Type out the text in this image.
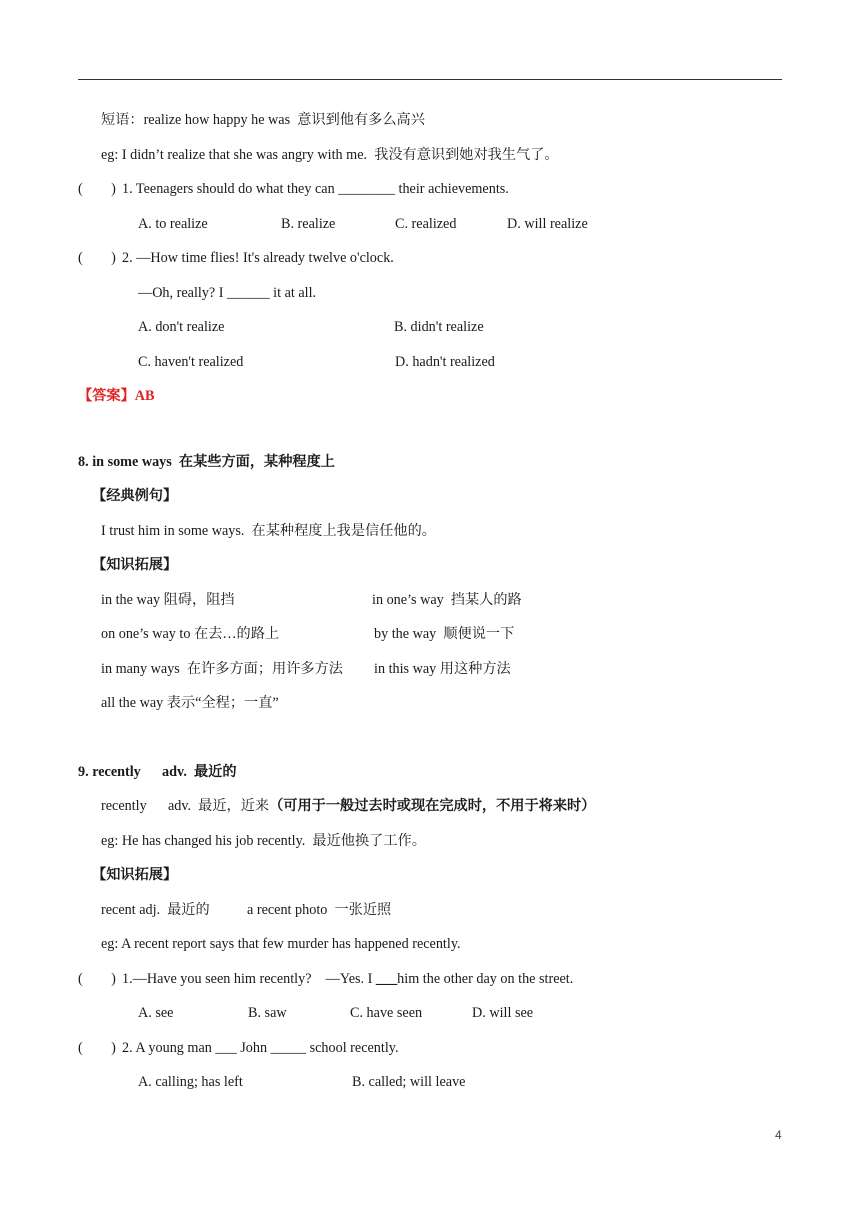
短语：realize how happy he was  意识到他有多么高兴
eg: I didn’t realize that she was angry with me.  我没有意识到她对我生气了。
(        ) 1. Teenagers should do what they can ________ their achievements.
A. to realize	B. realize	C. realized	D. will realize
(        ) 2. —How time flies! It's already twelve o'clock.
—Oh, really? I ______ it at all.
A. don't realize	B. didn't realize
C. haven't realized	D. hadn't realized
【答案】AB
8. in some ways  在某些方面，某种程度上
【经典例句】
I trust him in some ways.  在某种程度上我是信任他的。
【知识拓展】
in the way 阻碍，阻挡	in one’s way  挡某人的路
on one’s way to 在去…的路上	by the way  顺便说一下
in many ways  在许多方面；用许多方法 in this way 用这种方法
all the way 表示“全程；一直”
9. recently      adv.  最近的
recently      adv.  最近，近来（可用于一般过去时或现在完成时，不用于将来时）
eg: He has changed his job recently.  最近他换了工作。
【知识拓展】
recent adj.  最近的	a recent photo  一张近照
eg: A recent report says that few murder has happened recently.
(        ) 1.—Have you seen him recently?    —Yes. I ___him the other day on the street.
A. see	B. saw	C. have seen	D. will see
(        ) 2. A young man ___ John _____ school recently.
A. calling; has left	B. called; will leave
4
